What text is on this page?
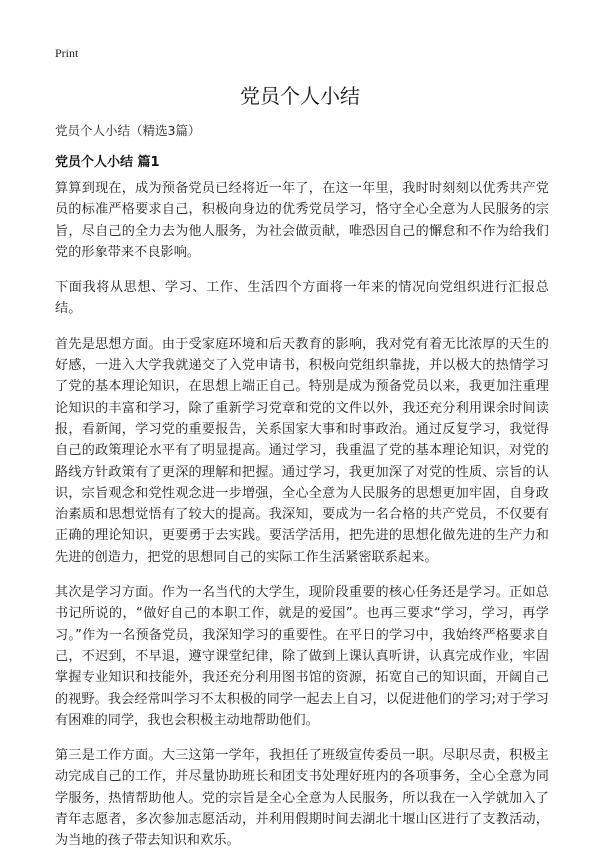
Print
党员个人小结
党员个人小结（精选3篇）
党员个人小结 篇1

算算到现在，成为预备党员已经将近一年了，在这一年里，我时时刻刻以优秀共产党员的标准严格要求自己，积极向身边的优秀党员学习，恪守全心全意为人民服务的宗旨，尽自己的全力去为他人服务，为社会做贡献，唯恐因自己的懈怠和不作为给我们党的形象带来不良影响。

下面我将从思想、学习、工作、生活四个方面将一年来的情况向党组织进行汇报总结。

首先是思想方面。由于受家庭环境和后天教育的影响，我对党有着无比浓厚的天生的好感，一进入大学我就递交了入党申请书，积极向党组织靠拢，并以极大的热情学习了党的基本理论知识，在思想上端正自己。特别是成为预备党员以来，我更加注重理论知识的丰富和学习，除了重新学习党章和党的文件以外，我还充分利用课余时间读报，看新闻，学习党的重要报告，关系国家大事和时事政治。通过反复学习，我觉得自己的政策理论水平有了明显提高。通过学习，我重温了党的基本理论知识，对党的路线方针政策有了更深的理解和把握。通过学习，我更加深了对党的性质、宗旨的认识，宗旨观念和党性观念进一步增强，全心全意为人民服务的思想更加牢固，自身政治素质和思想觉悟有了较大的提高。我深知，要成为一名合格的共产党员，不仅要有正确的理论知识，更要勇于去实践。要活学活用，把先进的思想化做先进的生产力和先进的创造力，把党的思想同自己的实际工作生活紧密联系起来。

其次是学习方面。作为一名当代的大学生，现阶段重要的核心任务还是学习。正如总书记所说的，“做好自己的本职工作，就是的爱国”。也再三要求“学习，学习，再学习。”作为一名预备党员，我深知学习的重要性。在平日的学习中，我始终严格要求自己，不迟到，不早退，遵守课堂纪律，除了做到上课认真听讲，认真完成作业，牢固掌握专业知识和技能外，我还充分利用图书馆的资源，拓宽自己的知识面，开阔自己的视野。我会经常叫学习不太积极的同学一起去上自习，以促进他们的学习;对于学习有困难的同学，我也会积极主动地帮助他们。

第三是工作方面。大三这第一学年，我担任了班级宣传委员一职。尽职尽责，积极主动完成自己的工作，并尽量协助班长和团支书处理好班内的各项事务，全心全意为同学服务，热情帮助他人。党的宗旨是全心全意为人民服务，所以我在一入学就加入了青年志愿者，多次参加志愿活动，并利用假期时间去湖北十堰山区进行了支教活动，为当地的孩子带去知识和欢乐。
